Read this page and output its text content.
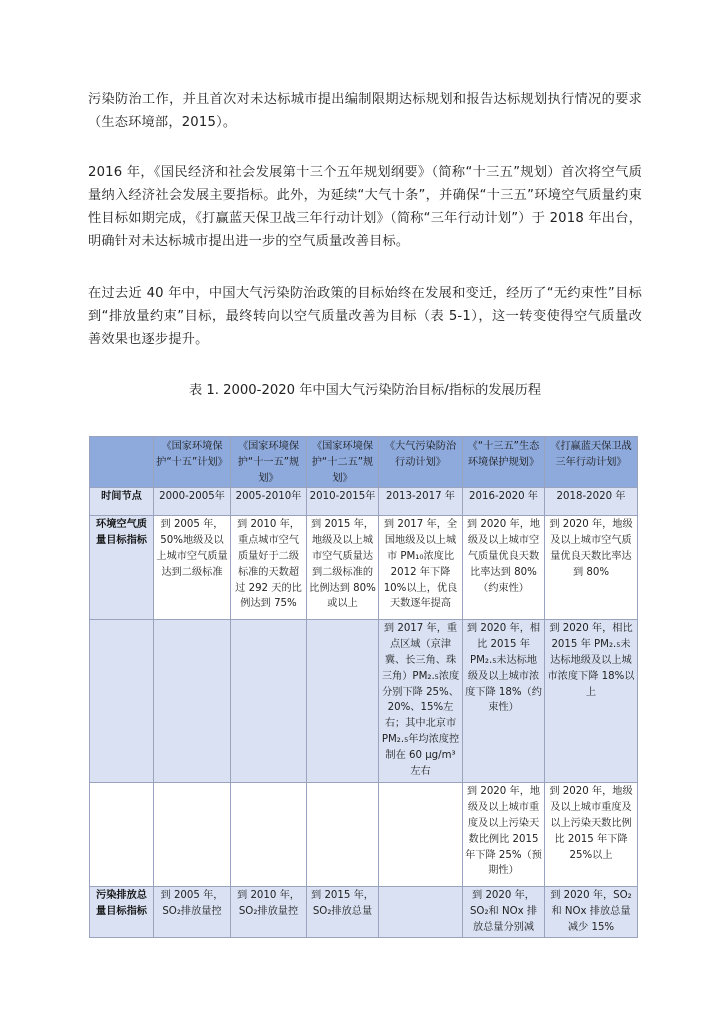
污染防治工作，并且首次对未达标城市提出编制限期达标规划和报告达标规划执行情况的要求（生态环境部，2015）。

2016 年，《国民经济和社会发展第十三个五年规划纲要》（简称“十三五”规划）首次将空气质量纳入经济社会发展主要指标。此外，为延续“大气十条”，并确保“十三五”环境空气质量约束性目标如期完成，《打赢蓝天保卫战三年行动计划》（简称“三年行动计划”）于 2018 年出台，明确针对未达标城市提出进一步的空气质量改善目标。

在过去近 40 年中，中国大气污染防治政策的目标始终在发展和变迁，经历了“无约束性”目标到“排放量约束”目标，最终转向以空气质量改善为目标（表 5-1），这一转变使得空气质量改善效果也逐步提升。

表 1. 2000-2020 年中国大气污染防治目标/指标的发展历程
	《国家环境保护“十五”计划》	《国家环境保护“十一五”规划》	《国家环境保护“十二五”规划》	《大气污染防治行动计划》	《“十三五”生态环境保护规划》	《打赢蓝天保卫战三年行动计划》
时间节点	2000-2005年	2005-2010年	2010-2015年	2013-2017 年	2016-2020 年	2018-2020 年
环境空气质量目标指标	到 2005 年，50%地级及以上城市空气质量达到二级标准	到 2010 年，重点城市空气质量好于二级标准的天数超过 292 天的比例达到 75%	到 2015 年，地级及以上城市空气质量达到二级标准的比例达到 80%或以上	到 2017 年，全国地级及以上城市 PM₁₀浓度比 2012 年下降 10%以上，优良天数逐年提高	到 2020 年，地级及以上城市空气质量优良天数比率达到 80%（约束性）	到 2020 年，地级及以上城市空气质量优良天数比率达到 80%
				到 2017 年，重点区域（京津冀、长三角、珠三角）PM₂.₅浓度分别下降 25%、20%、15%左右；其中北京市 PM₂.₅年均浓度控制在 60 μg/m³左右	到 2020 年，相比 2015 年 PM₂.₅未达标地级及以上城市浓度下降 18%（约束性）	到 2020 年，相比 2015 年 PM₂.₅未达标地级及以上城市浓度下降 18%以上
					到 2020 年，地级及以上城市重度及以上污染天数比例比 2015 年下降 25%（预期性）	到 2020 年，地级及以上城市重度及以上污染天数比例比 2015 年下降 25%以上
污染排放总量目标指标	到 2005 年，SO₂排放量控	到 2010 年，SO₂排放量控	到 2015 年，SO₂排放总量		到 2020 年，SO₂和 NOx 排放总量分别减	到 2020 年，SO₂和 NOx 排放总量减少 15%
